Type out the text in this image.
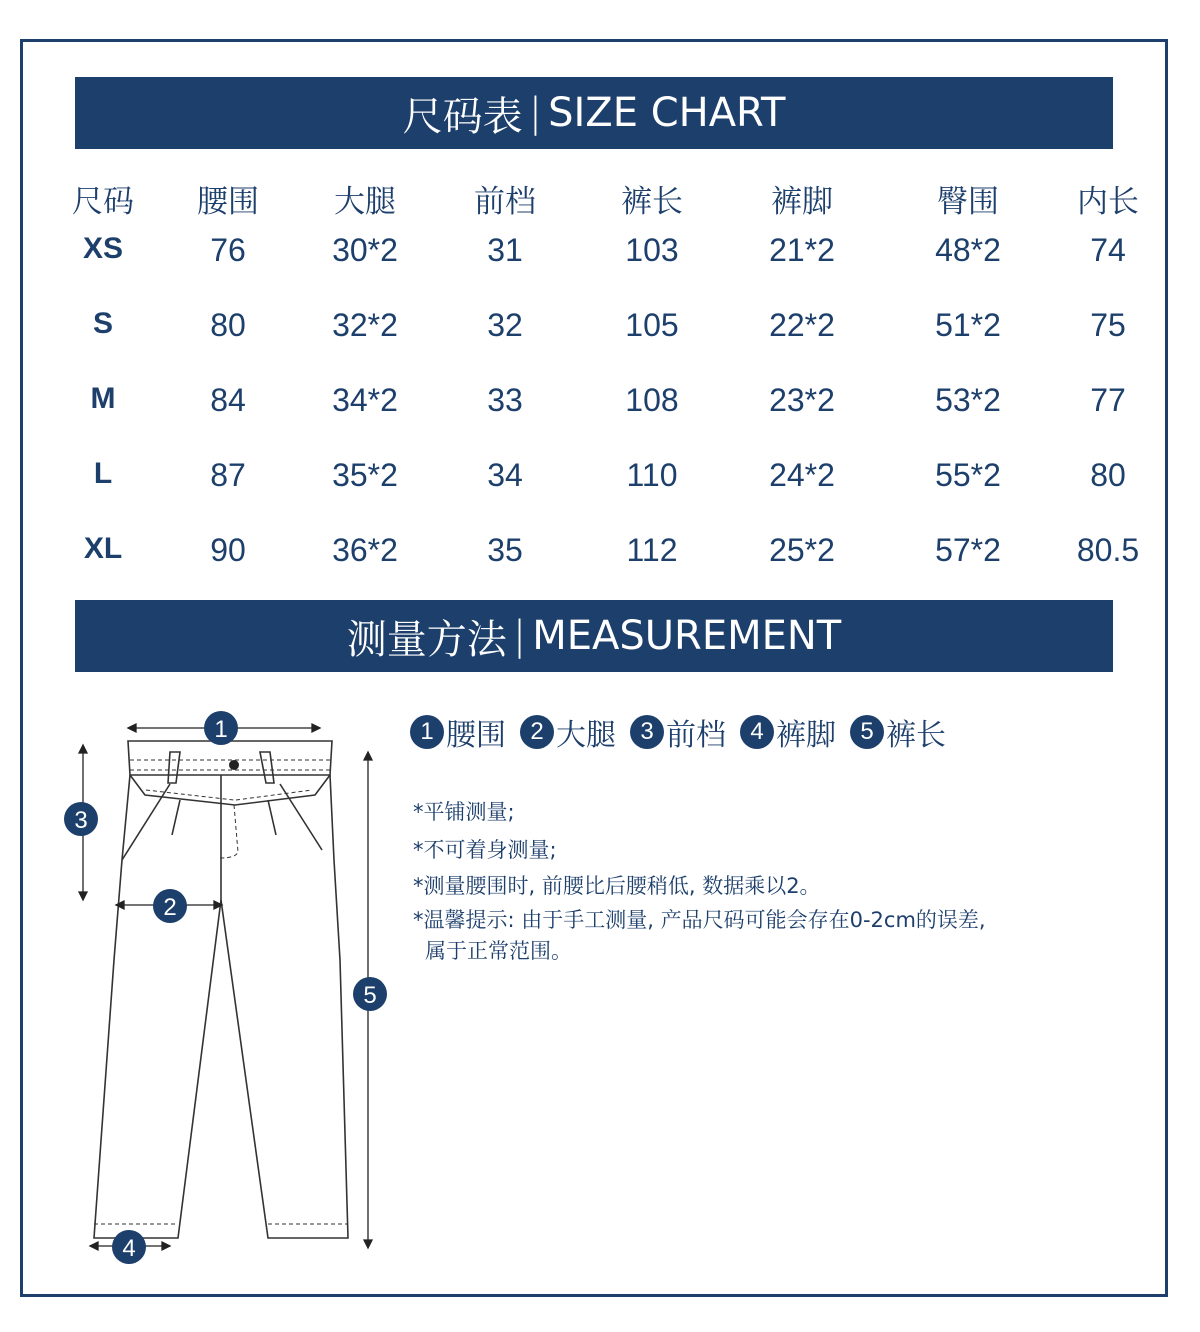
尺码表 | SIZE CHART
尺码	腰围	大腿	前档	裤长	裤脚	臀围	内长
XS	76	30*2	31	103	21*2	48*2	74
S	80	32*2	32	105	22*2	51*2	75
M	84	34*2	33	108	23*2	53*2	77
L	87	35*2	34	110	24*2	55*2	80
XL	90	36*2	35	112	25*2	57*2	80.5
测量方法 | MEASUREMENT
1
3
2
5
4
1 腰围	2 大腿	3 前档	4 裤脚	5 裤长
*平铺测量;
*不可着身测量;
*测量腰围时, 前腰比后腰稍低, 数据乘以2。
*温馨提示: 由于手工测量, 产品尺码可能会存在0-2cm的误差,
属于正常范围。
